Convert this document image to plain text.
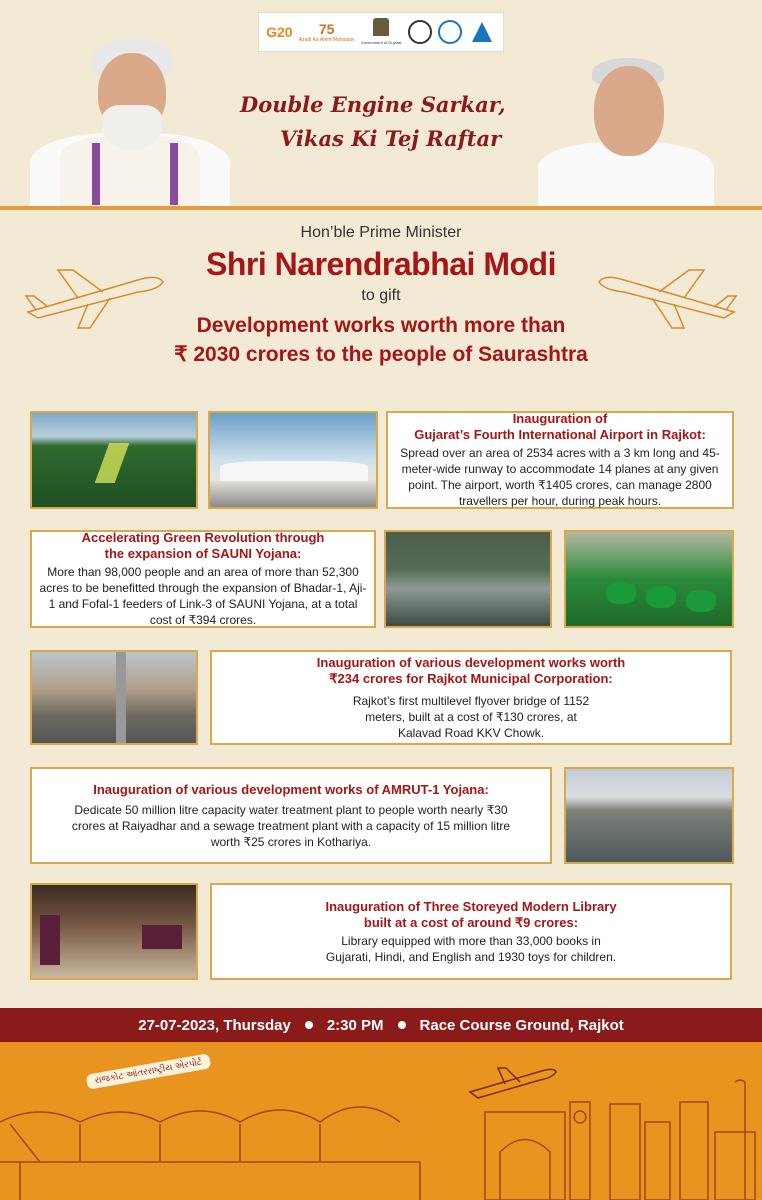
G20	75
Azadi Ka Amrit Mahotsav Government of Gujarat
Double Engine Sarkar,
Vikas Ki Tej Raftar
Hon’ble Prime Minister
Shri Narendrabhai Modi
to gift
Development works worth more than
₹ 2030 crores to the people of Saurashtra
Inauguration of
Gujarat’s Fourth International Airport in Rajkot:
Spread over an area of 2534 acres with a 3 km long and 45-meter-wide runway to accommodate 14 planes at any given point. The airport, worth ₹1405 crores, can manage 2800 travellers per hour, during peak hours.
Accelerating Green Revolution through
the expansion of SAUNI Yojana:
More than 98,000 people and an area of more than 52,300 acres to be benefitted through the expansion of Bhadar-1, Aji-1 and Fofal-1 feeders of Link-3 of SAUNI Yojana, at a total cost of ₹394 crores.
Inauguration of various development works worth
₹234 crores for Rajkot Municipal Corporation:
Rajkot’s first multilevel flyover bridge of 1152 meters, built at a cost of ₹130 crores, at Kalavad Road KKV Chowk.
Inauguration of various development works of AMRUT-1 Yojana:
Dedicate 50 million litre capacity water treatment plant to people worth nearly ₹30 crores at Raiyadhar and a sewage treatment plant with a capacity of 15 million litre worth ₹25 crores in Kothariya.
Inauguration of Three Storeyed Modern Library
built at a cost of around ₹9 crores:
Library equipped with more than 33,000 books in Gujarati, Hindi, and English and 1930 toys for children.
27-07-2023, Thursday 2:30 PM Race Course Ground, Rajkot
રાજકોટ આંતરરાષ્ટ્રીય એરપોર્ટ
